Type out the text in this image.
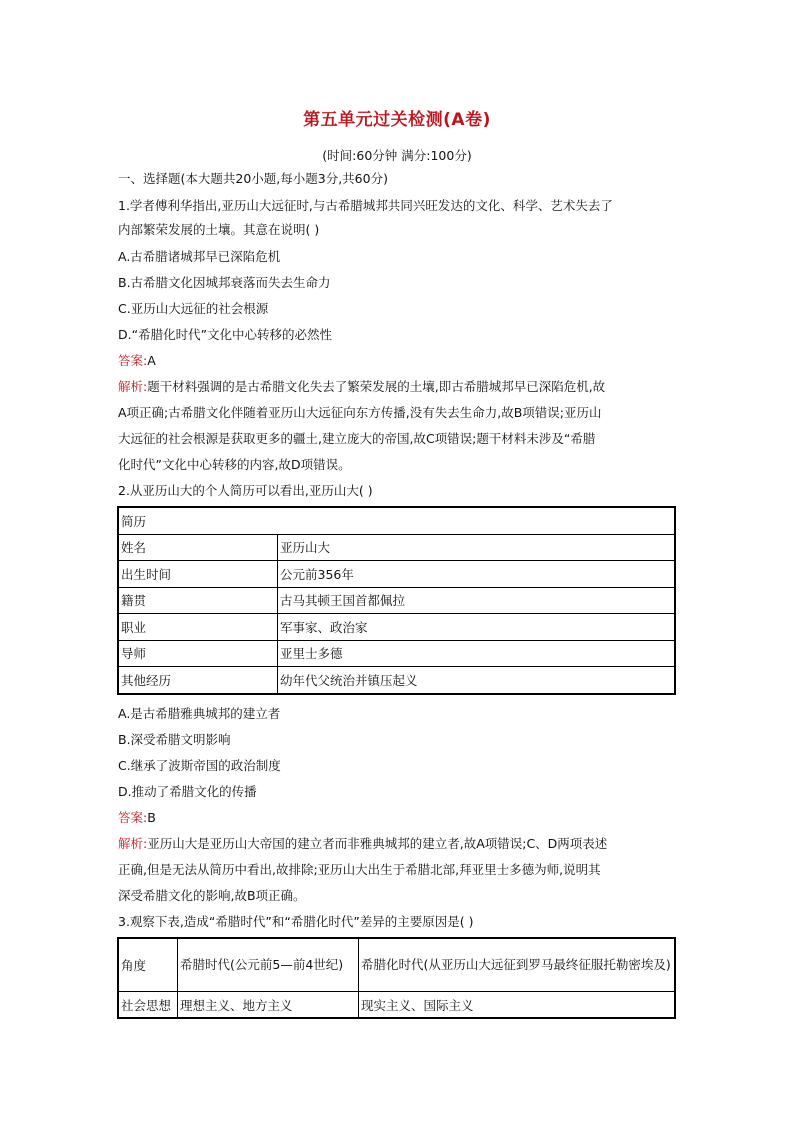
第五单元过关检测(A卷)
(时间:60分钟 满分:100分)
一、选择题(本大题共20小题,每小题3分,共60分)
1.学者傅利华指出,亚历山大远征时,与古希腊城邦共同兴旺发达的文化、科学、艺术失去了
内部繁荣发展的土壤。其意在说明( )
A.古希腊诸城邦早已深陷危机
B.古希腊文化因城邦衰落而失去生命力
C.亚历山大远征的社会根源
D.“希腊化时代”文化中心转移的必然性
答案:A
解析:题干材料强调的是古希腊文化失去了繁荣发展的土壤,即古希腊城邦早已深陷危机,故
A项正确;古希腊文化伴随着亚历山大远征向东方传播,没有失去生命力,故B项错误;亚历山
大远征的社会根源是获取更多的疆土,建立庞大的帝国,故C项错误;题干材料未涉及“希腊
化时代”文化中心转移的内容,故D项错误。
2.从亚历山大的个人简历可以看出,亚历山大( )
简历	
姓名	亚历山大
出生时间	公元前356年
籍贯	古马其顿王国首都佩拉
职业	军事家、政治家
导师	亚里士多德
其他经历	幼年代父统治并镇压起义
A.是古希腊雅典城邦的建立者
B.深受希腊文明影响
C.继承了波斯帝国的政治制度
D.推动了希腊文化的传播
答案:B
解析:亚历山大是亚历山大帝国的建立者而非雅典城邦的建立者,故A项错误;C、D两项表述
正确,但是无法从简历中看出,故排除;亚历山大出生于希腊北部,拜亚里士多德为师,说明其
深受希腊文化的影响,故B项正确。
3.观察下表,造成“希腊时代”和“希腊化时代”差异的主要原因是( )
角度	希腊时代(公元前5—前4世纪)	希腊化时代(从亚历山大远征到罗马最终征服托勒密埃及)
社会思想	理想主义、地方主义	现实主义、国际主义
